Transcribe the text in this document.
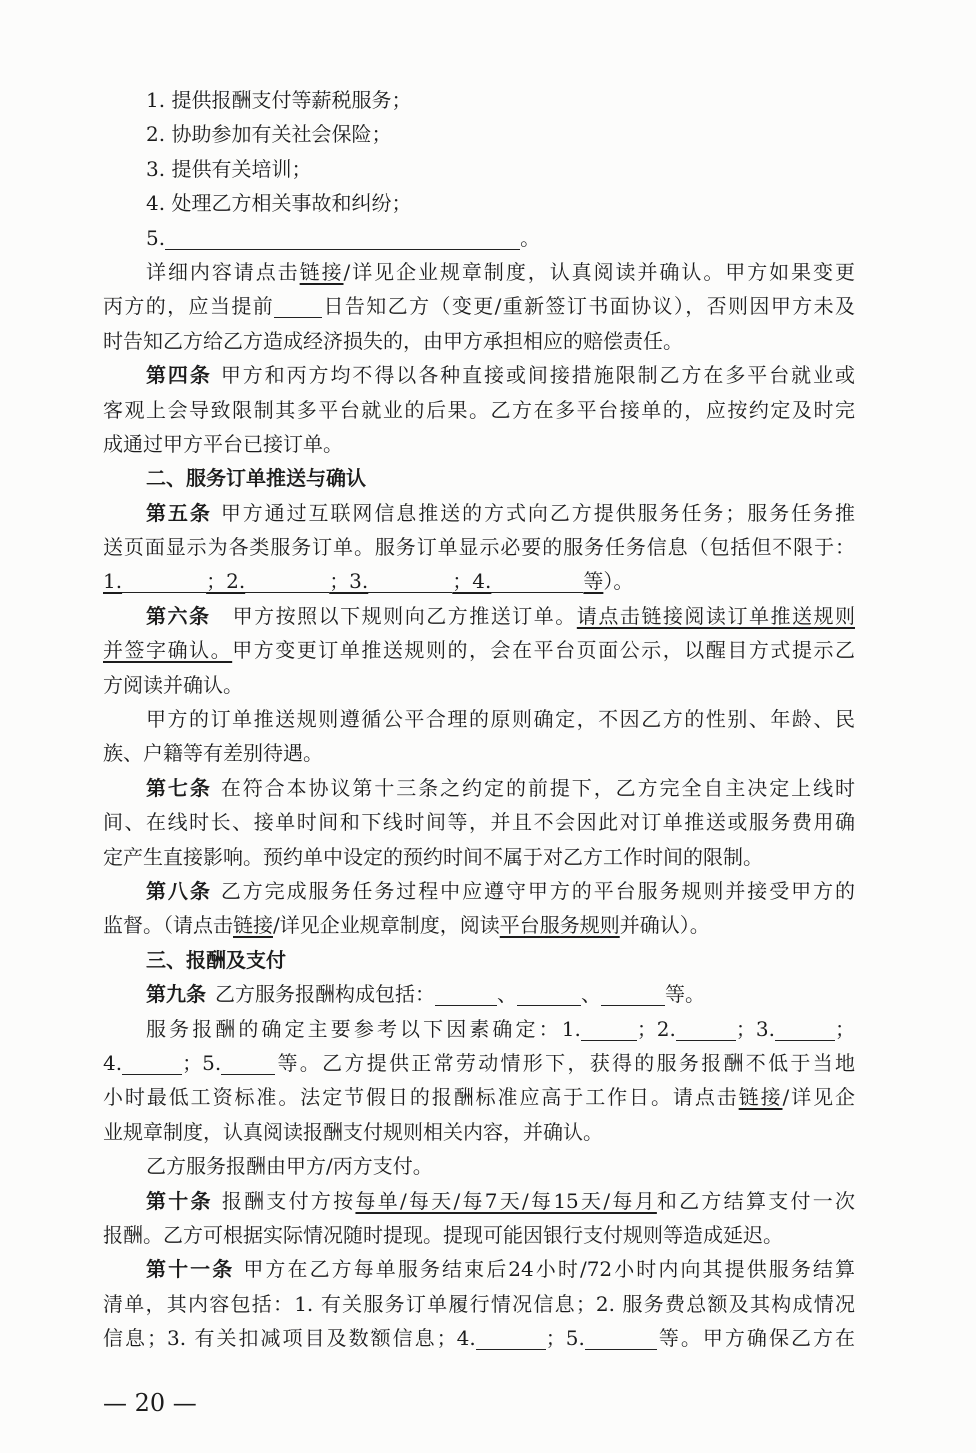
1. 提供报酬支付等薪税服务；
2. 协助参加有关社会保险；
3. 提供有关培训；
4. 处理乙方相关事故和纠纷；
5.	。
详细内容请点击链接/详见企业规章制度，认真阅读并确认。甲方如果变更
丙方的，应当提前 日告知乙方（变更/重新签订书面协议），否则因甲方未及
时告知乙方给乙方造成经济损失的，由甲方承担相应的赔偿责任。
第四条 甲方和丙方均不得以各种直接或间接措施限制乙方在多平台就业或
客观上会导致限制其多平台就业的后果。乙方在多平台接单的，应按约定及时完
成通过甲方平台已接订单。
二、服务订单推送与确认
第五条 甲方通过互联网信息推送的方式向乙方提供服务任务；服务任务推
送页面显示为各类服务订单。服务订单显示必要的服务任务信息（包括但不限于：
1.	；2.	；3.	；4.	等）。
第六条 甲方按照以下规则向乙方推送订单。请点击链接阅读订单推送规则
并签字确认。甲方变更订单推送规则的，会在平台页面公示，以醒目方式提示乙
方阅读并确认。
甲方的订单推送规则遵循公平合理的原则确定，不因乙方的性别、年龄、民
族、户籍等有差别待遇。
第七条 在符合本协议第十三条之约定的前提下，乙方完全自主决定上线时
间、在线时长、接单时间和下线时间等，并且不会因此对订单推送或服务费用确
定产生直接影响。预约单中设定的预约时间不属于对乙方工作时间的限制。
第八条 乙方完成服务任务过程中应遵守甲方的平台服务规则并接受甲方的
监督。（请点击链接/详见企业规章制度，阅读平台服务规则并确认）。
三、报酬及支付
第九条 乙方服务报酬构成包括：	、	、	等。
服务报酬的确定主要参考以下因素确定：1.	；2.	；3.	；
4.	；5.	等。乙方提供正常劳动情形下，获得的服务报酬不低于当地
小时最低工资标准。法定节假日的报酬标准应高于工作日。请点击链接/详见企
业规章制度，认真阅读报酬支付规则相关内容，并确认。
乙方服务报酬由甲方/丙方支付。
第十条 报酬支付方按每单/每天/每7天/每15天/每月和乙方结算支付一次
报酬。乙方可根据实际情况随时提现。提现可能因银行支付规则等造成延迟。
第十一条 甲方在乙方每单服务结束后24小时/72小时内向其提供服务结算
清单，其内容包括：1. 有关服务订单履行情况信息；2. 服务费总额及其构成情况
信息；3. 有关扣减项目及数额信息；4.	；5.	等。甲方确保乙方在
— 20 —
